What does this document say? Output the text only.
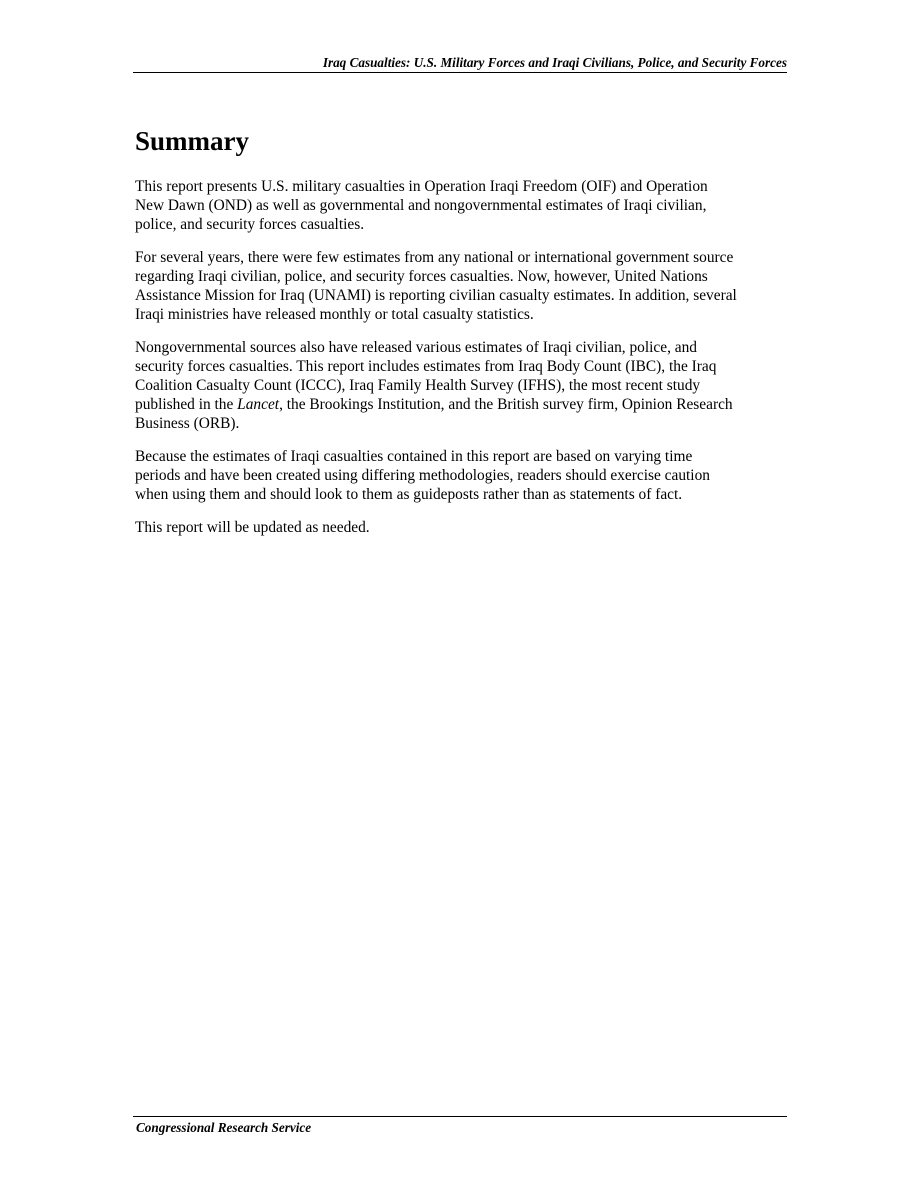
Iraq Casualties: U.S. Military Forces and Iraqi Civilians, Police, and Security Forces
Summary

This report presents U.S. military casualties in Operation Iraqi Freedom (OIF) and Operation
New Dawn (OND) as well as governmental and nongovernmental estimates of Iraqi civilian,
police, and security forces casualties.

For several years, there were few estimates from any national or international government source
regarding Iraqi civilian, police, and security forces casualties. Now, however, United Nations
Assistance Mission for Iraq (UNAMI) is reporting civilian casualty estimates. In addition, several
Iraqi ministries have released monthly or total casualty statistics.

Nongovernmental sources also have released various estimates of Iraqi civilian, police, and
security forces casualties. This report includes estimates from Iraq Body Count (IBC), the Iraq
Coalition Casualty Count (ICCC), Iraq Family Health Survey (IFHS), the most recent study
published in the Lancet, the Brookings Institution, and the British survey firm, Opinion Research
Business (ORB).

Because the estimates of Iraqi casualties contained in this report are based on varying time
periods and have been created using differing methodologies, readers should exercise caution
when using them and should look to them as guideposts rather than as statements of fact.

This report will be updated as needed.

Congressional Research Service
